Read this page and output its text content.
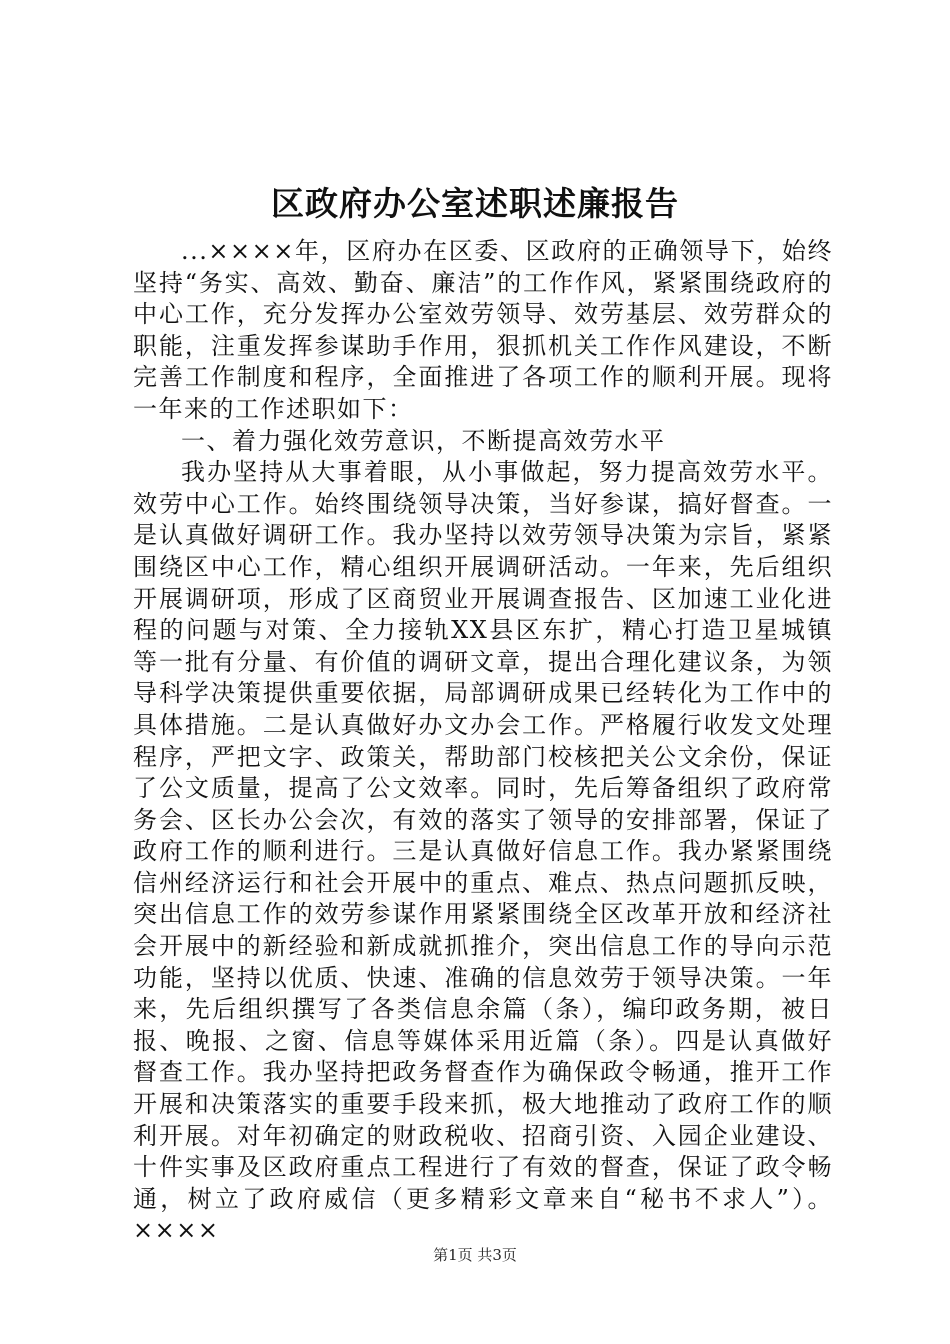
区政府办公室述职述廉报告

...××××年，区府办在区委、区政府的正确领导下，始终坚持“务实、高效、勤奋、廉洁”的工作作风，紧紧围绕政府的中心工作，充分发挥办公室效劳领导、效劳基层、效劳群众的职能，注重发挥参谋助手作用，狠抓机关工作作风建设，不断完善工作制度和程序，全面推进了各项工作的顺利开展。现将一年来的工作述职如下：

一、着力强化效劳意识，不断提高效劳水平

我办坚持从大事着眼，从小事做起，努力提高效劳水平。效劳中心工作。始终围绕领导决策，当好参谋，搞好督查。一是认真做好调研工作。我办坚持以效劳领导决策为宗旨，紧紧围绕区中心工作，精心组织开展调研活动。一年来，先后组织开展调研项，形成了区商贸业开展调查报告、区加速工业化进程的问题与对策、全力接轨XX县区东扩，精心打造卫星城镇等一批有分量、有价值的调研文章，提出合理化建议条，为领导科学决策提供重要依据，局部调研成果已经转化为工作中的具体措施。二是认真做好办文办会工作。严格履行收发文处理程序，严把文字、政策关，帮助部门校核把关公文余份，保证了公文质量，提高了公文效率。同时，先后筹备组织了政府常务会、区长办公会次，有效的落实了领导的安排部署，保证了政府工作的顺利进行。三是认真做好信息工作。我办紧紧围绕信州经济运行和社会开展中的重点、难点、热点问题抓反映，突出信息工作的效劳参谋作用紧紧围绕全区改革开放和经济社会开展中的新经验和新成就抓推介，突出信息工作的导向示范功能，坚持以优质、快速、准确的信息效劳于领导决策。一年来，先后组织撰写了各类信息余篇（条），编印政务期，被日报、晚报、之窗、信息等媒体采用近篇（条）。四是认真做好督查工作。我办坚持把政务督查作为确保政令畅通，推开工作开展和决策落实的重要手段来抓，极大地推动了政府工作的顺利开展。对年初确定的财政税收、招商引资、入园企业建设、十件实事及区政府重点工程进行了有效的督查，保证了政令畅通，树立了政府威信（更多精彩文章来自“秘书不求人”）。××××

第1页 共3页
